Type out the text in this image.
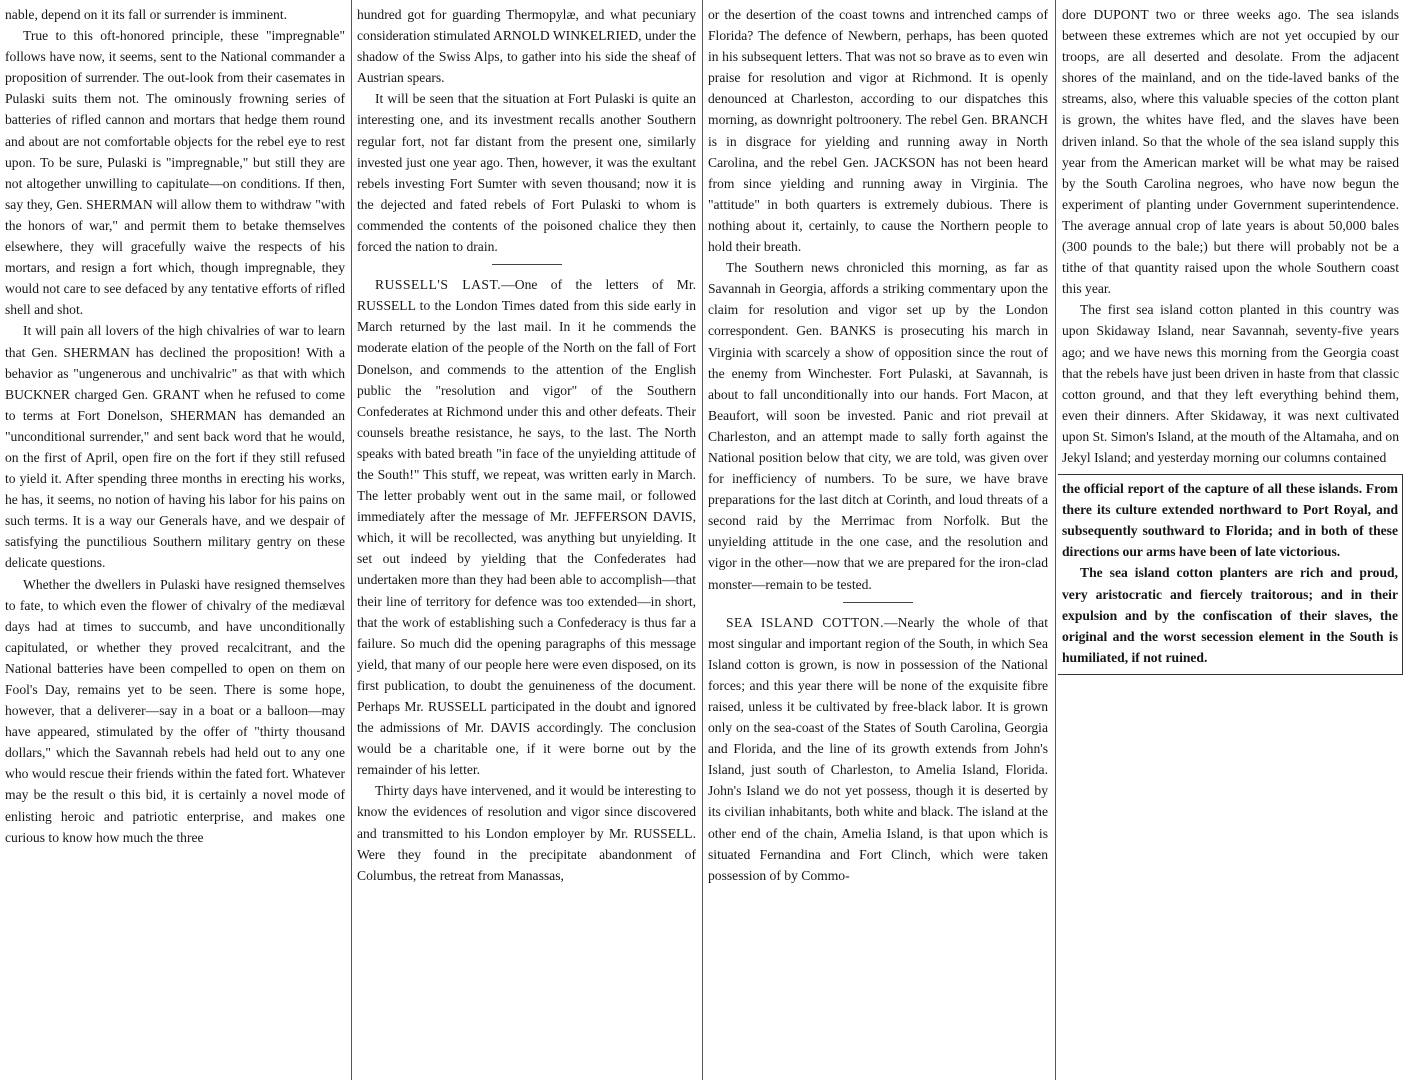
nable, depend on it its fall or surrender is imminent.

True to this oft-honored principle, these "impregnable" follows have now, it seems, sent to the National commander a proposition of surrender. The out-look from their casemates in Pulaski suits them not. The ominously frowning series of batteries of rifled cannon and mortars that hedge them round and about are not comfortable objects for the rebel eye to rest upon. To be sure, Pulaski is "impregnable," but still they are not altogether unwilling to capitulate—on conditions. If then, say they, Gen. SHERMAN will allow them to withdraw "with the honors of war," and permit them to betake themselves elsewhere, they will gracefully waive the respects of his mortars, and resign a fort which, though impregnable, they would not care to see defaced by any tentative efforts of rifled shell and shot.

It will pain all lovers of the high chivalries of war to learn that Gen. SHERMAN has declined the proposition! With a behavior as "ungenerous and unchivalric" as that with which BUCKNER charged Gen. GRANT when he refused to come to terms at Fort Donelson, SHERMAN has demanded an "unconditional surrender," and sent back word that he would, on the first of April, open fire on the fort if they still refused to yield it. After spending three months in erecting his works, he has, it seems, no notion of having his labor for his pains on such terms. It is a way our Generals have, and we despair of satisfying the punctilious Southern military gentry on these delicate questions.

Whether the dwellers in Pulaski have resigned themselves to fate, to which even the flower of chivalry of the mediæval days had at times to succumb, and have unconditionally capitulated, or whether they proved recalcitrant, and the National batteries have been compelled to open on them on Fool's Day, remains yet to be seen. There is some hope, however, that a deliverer—say in a boat or a balloon—may have appeared, stimulated by the offer of "thirty thousand dollars," which the Savannah rebels had held out to any one who would rescue their friends within the fated fort. Whatever may be the result o this bid, it is certainly a novel mode of enlisting heroic and patriotic enterprise, and makes one curious to know how much the three

hundred got for guarding Thermopylæ, and what pecuniary consideration stimulated ARNOLD WINKELRIED, under the shadow of the Swiss Alps, to gather into his side the sheaf of Austrian spears.

It will be seen that the situation at Fort Pulaski is quite an interesting one, and its investment recalls another Southern regular fort, not far distant from the present one, similarly invested just one year ago. Then, however, it was the exultant rebels investing Fort Sumter with seven thousand; now it is the dejected and fated rebels of Fort Pulaski to whom is commended the contents of the poisoned chalice they then forced the nation to drain.

RUSSELL'S LAST.—One of the letters of Mr. RUSSELL to the London Times dated from this side early in March returned by the last mail. In it he commends the moderate elation of the people of the North on the fall of Fort Donelson, and commends to the attention of the English public the "resolution and vigor" of the Southern Confederates at Richmond under this and other defeats. Their counsels breathe resistance, he says, to the last. The North speaks with bated breath "in face of the unyielding attitude of the South!" This stuff, we repeat, was written early in March. The letter probably went out in the same mail, or followed immediately after the message of Mr. JEFFERSON DAVIS, which, it will be recollected, was anything but unyielding. It set out indeed by yielding that the Confederates had undertaken more than they had been able to accomplish—that their line of territory for defence was too extended—in short, that the work of establishing such a Confederacy is thus far a failure. So much did the opening paragraphs of this message yield, that many of our people here were even disposed, on its first publication, to doubt the genuineness of the document. Perhaps Mr. RUSSELL participated in the doubt and ignored the admissions of Mr. DAVIS accordingly. The conclusion would be a charitable one, if it were borne out by the remainder of his letter.

Thirty days have intervened, and it would be interesting to know the evidences of resolution and vigor since discovered and transmitted to his London employer by Mr. RUSSELL. Were they found in the precipitate abandonment of Columbus, the retreat from Manassas,

or the desertion of the coast towns and intrenched camps of Florida? The defence of Newbern, perhaps, has been quoted in his subsequent letters. That was not so brave as to even win praise for resolution and vigor at Richmond. It is openly denounced at Charleston, according to our dispatches this morning, as downright poltroonery. The rebel Gen. BRANCH is in disgrace for yielding and running away in North Carolina, and the rebel Gen. JACKSON has not been heard from since yielding and running away in Virginia. The "attitude" in both quarters is extremely dubious. There is nothing about it, certainly, to cause the Northern people to hold their breath.

The Southern news chronicled this morning, as far as Savannah in Georgia, affords a striking commentary upon the claim for resolution and vigor set up by the London correspondent. Gen. BANKS is prosecuting his march in Virginia with scarcely a show of opposition since the rout of the enemy from Winchester. Fort Pulaski, at Savannah, is about to fall unconditionally into our hands. Fort Macon, at Beaufort, will soon be invested. Panic and riot prevail at Charleston, and an attempt made to sally forth against the National position below that city, we are told, was given over for inefficiency of numbers. To be sure, we have brave preparations for the last ditch at Corinth, and loud threats of a second raid by the Merrimac from Norfolk. But the unyielding attitude in the one case, and the resolution and vigor in the other—now that we are prepared for the iron-clad monster—remain to be tested.

SEA ISLAND COTTON.—Nearly the whole of that most singular and important region of the South, in which Sea Island cotton is grown, is now in possession of the National forces; and this year there will be none of the exquisite fibre raised, unless it be cultivated by free-black labor. It is grown only on the sea-coast of the States of South Carolina, Georgia and Florida, and the line of its growth extends from John's Island, just south of Charleston, to Amelia Island, Florida. John's Island we do not yet possess, though it is deserted by its civilian inhabitants, both white and black. The island at the other end of the chain, Amelia Island, is that upon which is situated Fernandina and Fort Clinch, which were taken possession of by Commo-

dore DUPONT two or three weeks ago. The sea islands between these extremes which are not yet occupied by our troops, are all deserted and desolate. From the adjacent shores of the mainland, and on the tide-laved banks of the streams, also, where this valuable species of the cotton plant is grown, the whites have fled, and the slaves have been driven inland. So that the whole of the sea island supply this year from the American market will be what may be raised by the South Carolina negroes, who have now begun the experiment of planting under Government superintendence. The average annual crop of late years is about 50,000 bales (300 pounds to the bale;) but there will probably not be a tithe of that quantity raised upon the whole Southern coast this year.

The first sea island cotton planted in this country was upon Skidaway Island, near Savannah, seventy-five years ago; and we have news this morning from the Georgia coast that the rebels have just been driven in haste from that classic cotton ground, and that they left everything behind them, even their dinners. After Skidaway, it was next cultivated upon St. Simon's Island, at the mouth of the Altamaha, and on Jekyl Island; and yesterday morning our columns contained

the official report of the capture of all these islands. From there its culture extended northward to Port Royal, and subsequently southward to Florida; and in both of these directions our arms have been of late victorious.

The sea island cotton planters are rich and proud, very aristocratic and fiercely traitorous; and in their expulsion and by the confiscation of their slaves, the original and the worst secession element in the South is humiliated, if not ruined.
